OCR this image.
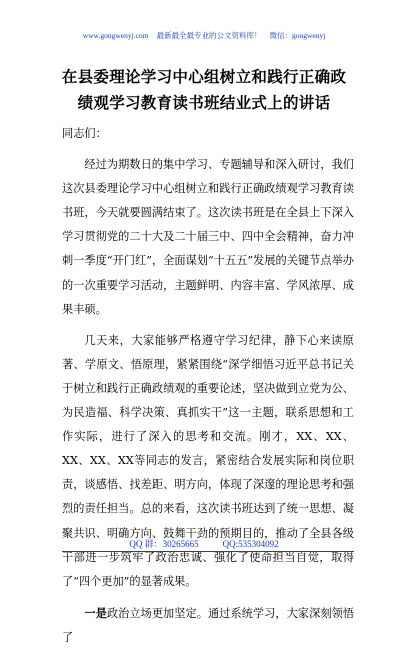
www.gongwenyj.com 最新最全最专业的公文资料库！ 微信：gongwenyj
在县委理论学习中心组树立和践行正确政
绩观学习教育读书班结业式上的讲话

同志们：

经过为期数日的集中学习、专题辅导和深入研讨，我们这次县委理论学习中心组树立和践行正确政绩观学习教育读书班，今天就要圆满结束了。这次读书班是在全县上下深入学习贯彻党的二十大及二十届三中、四中全会精神，奋力冲刺一季度“开门红”，全面谋划“十五五”发展的关键节点举办的一次重要学习活动，主题鲜明、内容丰富、学风浓厚、成果丰硕。

几天来，大家能够严格遵守学习纪律，静下心来读原著、学原文、悟原理，紧紧围绕“深学细悟习近平总书记关于树立和践行正确政绩观的重要论述，坚决做到立党为公、为民造福、科学决策、真抓实干”这一主题，联系思想和工作实际，进行了深入的思考和交流。刚才，XX、XX、XX、XX、XX等同志的发言，紧密结合发展实际和岗位职责，谈感悟、找差距、明方向，体现了深邃的理论思考和强烈的责任担当。总的来看，这次读书班达到了统一思想、凝聚共识、明确方向、鼓舞干劲的预期目的，推动了全县各级干部进一步筑牢了政治忠诚、强化了使命担当自觉，取得了“四个更加”的显著成果。

一是政治立场更加坚定。通过系统学习，大家深刻领悟了

QQ 群：30265665	QQ:535304092
